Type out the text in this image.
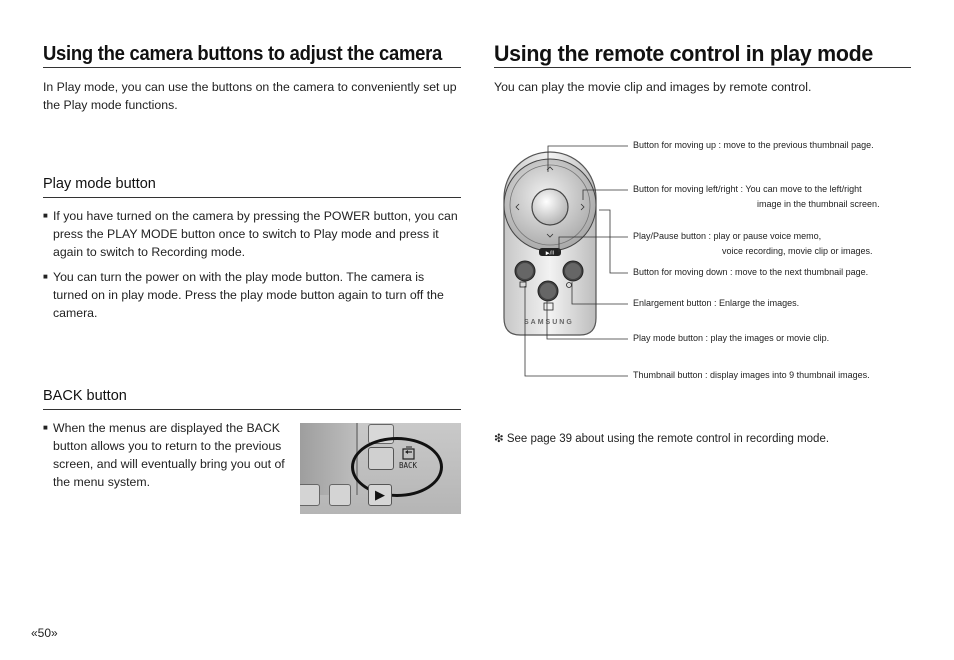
Using the camera buttons to adjust the camera
In Play mode, you can use the buttons on the camera to conveniently set up the Play mode functions.
Play mode button
■ If you have turned on the camera by pressing the POWER button, you can press the PLAY MODE button once to switch to Play mode and press it again to switch to Recording mode.
■ You can turn the power on with the play mode button. The camera is turned on in play mode. Press the play mode button again to turn off the camera.
BACK button
■ When the menus are displayed the BACK button allows you to return to the previous screen, and will eventually bring you out of the menu system.
BACK
▶
Using the remote control in play mode
You can play the movie clip and images by remote control.
▶/II
SAMSUNG
Button for moving up : move to the previous thumbnail page.
Button for moving left/right : You can move to the left/right
image in the thumbnail screen.
Play/Pause button : play or pause voice memo,
voice recording, movie clip or images.
Button for moving down : move to the next thumbnail page.
Enlargement button : Enlarge the images.
Play mode button : play the images or movie clip.
Thumbnail button : display images into 9 thumbnail images.
❇ See page 39 about using the remote control in recording mode.
«50»
